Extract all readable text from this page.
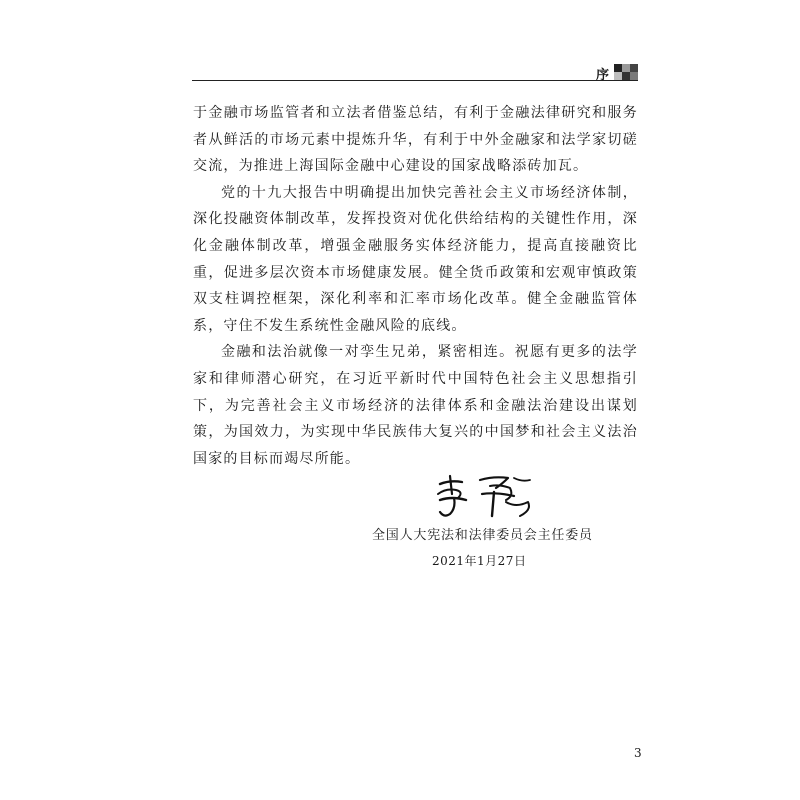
序

于金融市场监管者和立法者借鉴总结，有利于金融法律研究和服务者从鲜活的市场元素中提炼升华，有利于中外金融家和法学家切磋交流，为推进上海国际金融中心建设的国家战略添砖加瓦。

党的十九大报告中明确提出加快完善社会主义市场经济体制，深化投融资体制改革，发挥投资对优化供给结构的关键性作用，深化金融体制改革，增强金融服务实体经济能力，提高直接融资比重，促进多层次资本市场健康发展。健全货币政策和宏观审慎政策双支柱调控框架，深化利率和汇率市场化改革。健全金融监管体系，守住不发生系统性金融风险的底线。

金融和法治就像一对孪生兄弟，紧密相连。祝愿有更多的法学家和律师潜心研究，在习近平新时代中国特色社会主义思想指引下，为完善社会主义市场经济的法律体系和金融法治建设出谋划策，为国效力，为实现中华民族伟大复兴的中国梦和社会主义法治国家的目标而竭尽所能。

全国人大宪法和法律委员会主任委员
2021年1月27日
3
